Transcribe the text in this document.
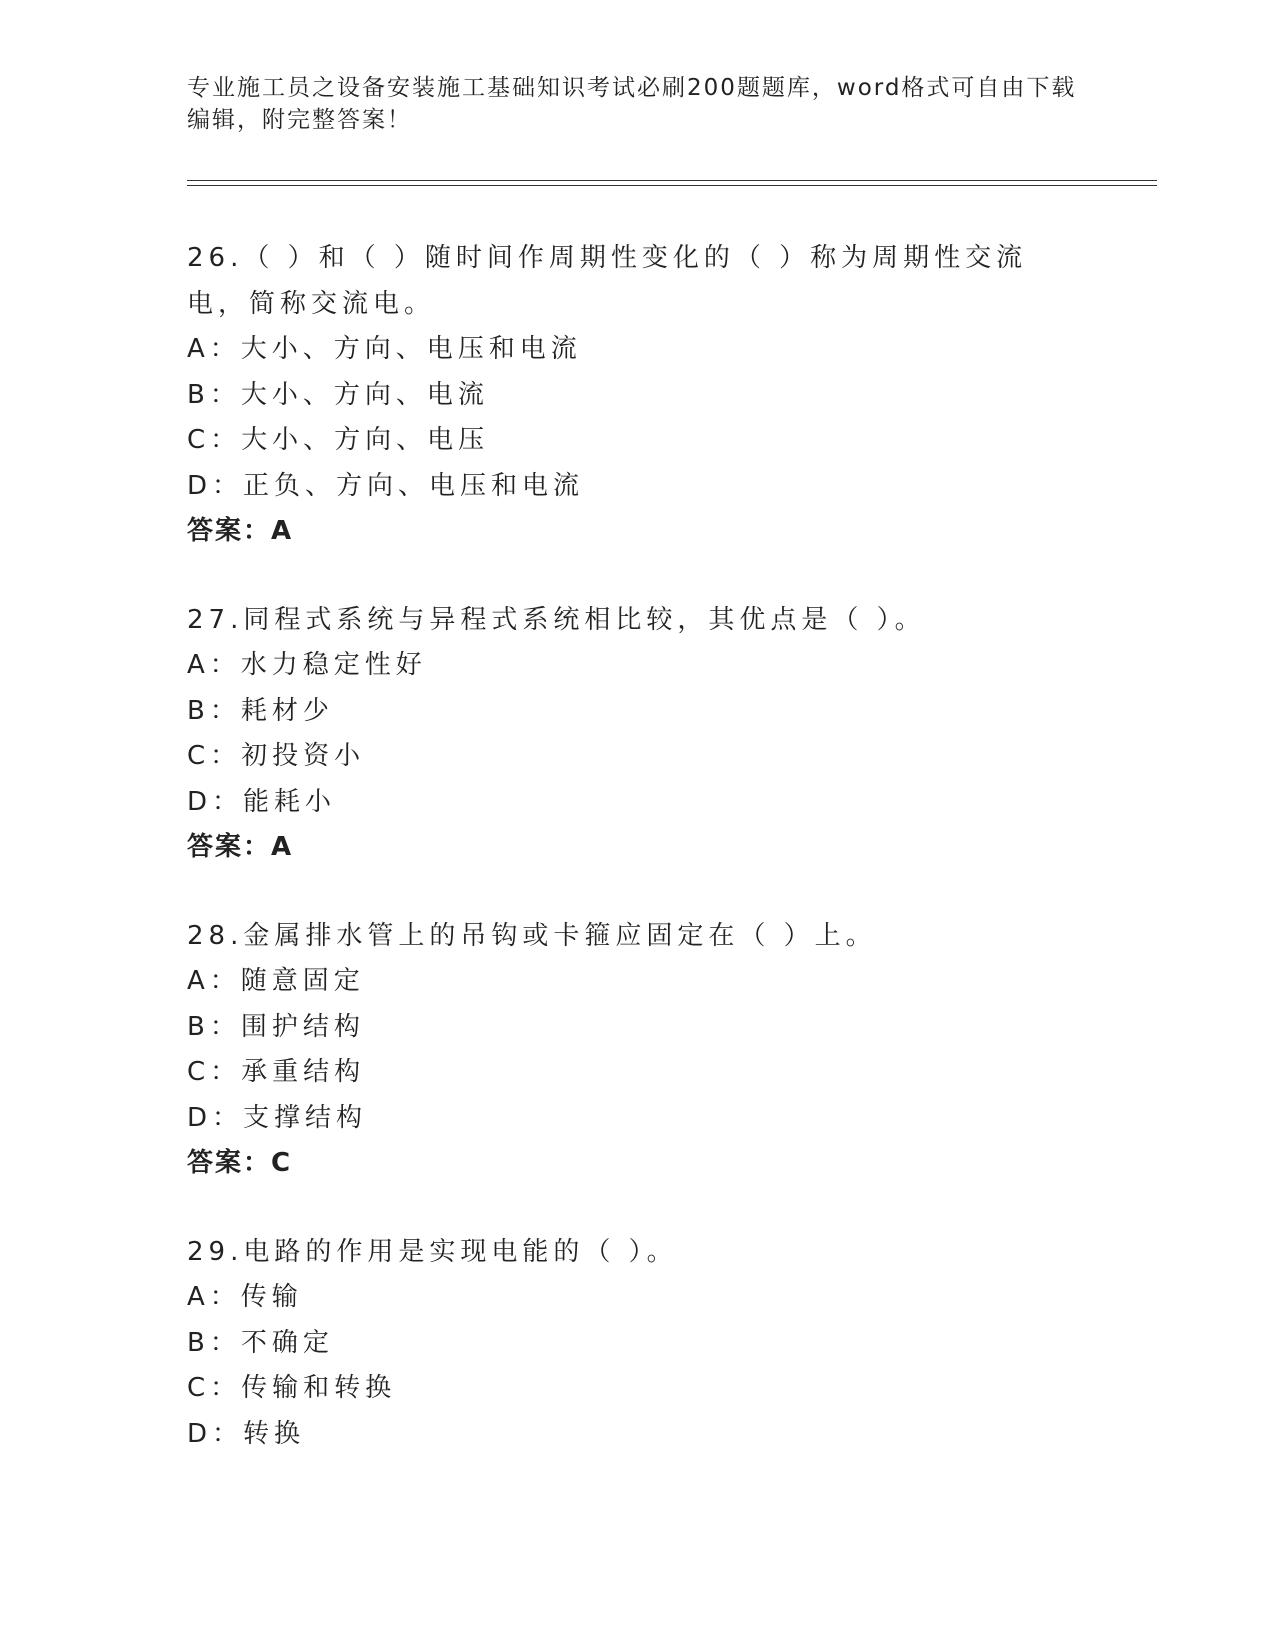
专业施工员之设备安装施工基础知识考试必刷200题题库，word格式可自由下载编辑，附完整答案！

26.（ ）和（ ）随时间作周期性变化的（ ）称为周期性交流电，简称交流电。

A：大小、方向、电压和电流

B：大小、方向、电流

C：大小、方向、电压

D：正负、方向、电压和电流

答案：A

27.同程式系统与异程式系统相比较，其优点是（ ）。

A：水力稳定性好

B：耗材少

C：初投资小

D：能耗小

答案：A

28.金属排水管上的吊钩或卡箍应固定在（ ）上。

A：随意固定

B：围护结构

C：承重结构

D：支撑结构

答案：C

29.电路的作用是实现电能的（ ）。

A：传输

B：不确定

C：传输和转换

D：转换
